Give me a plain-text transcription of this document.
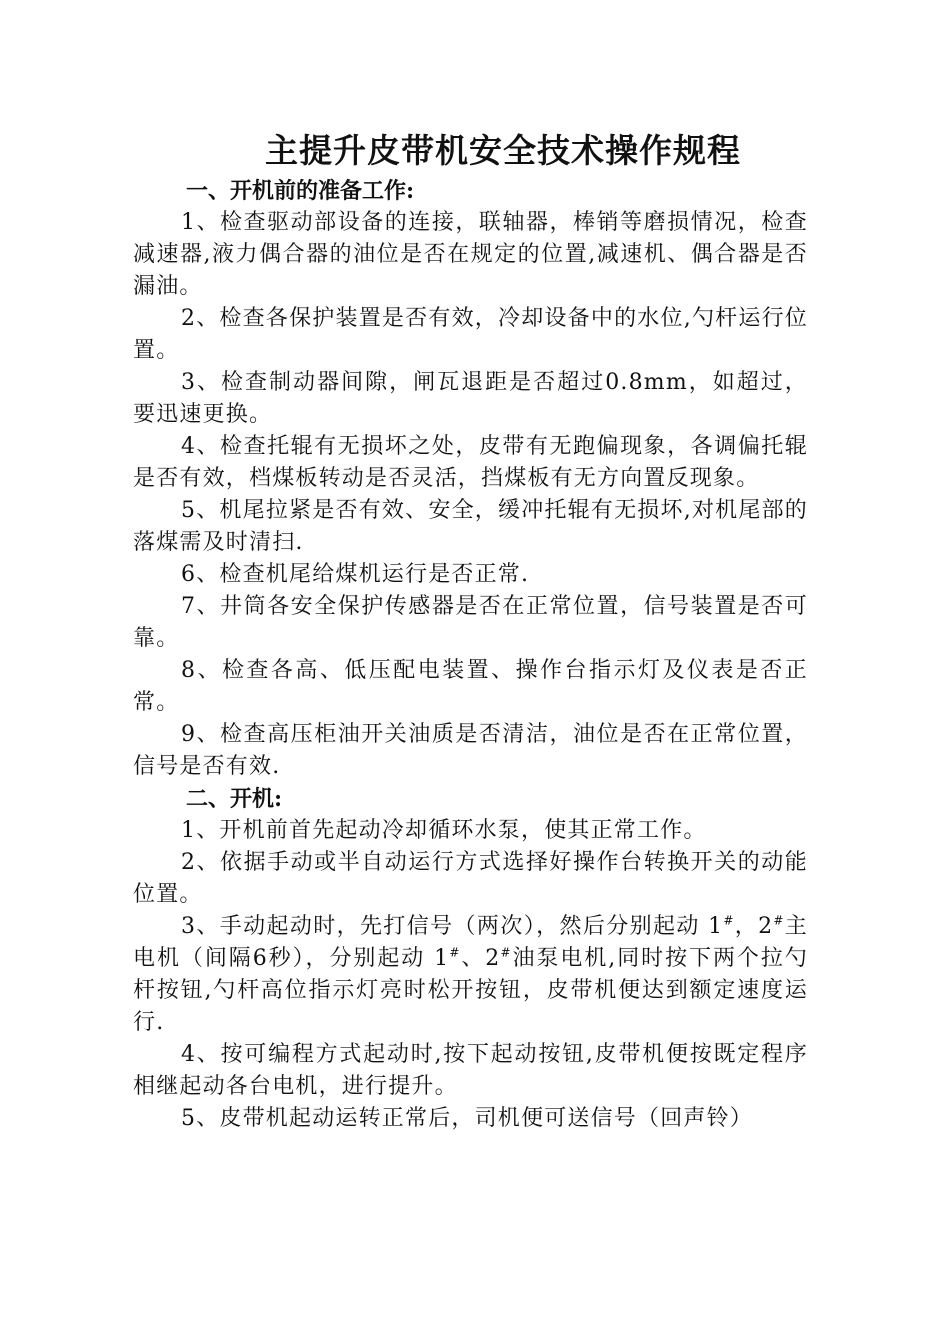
主提升皮带机安全技术操作规程

一、开机前的准备工作:

1、检查驱动部设备的连接，联轴器，棒销等磨损情况，检查减速器,液力偶合器的油位是否在规定的位置,减速机、偶合器是否漏油。

2、检查各保护装置是否有效，冷却设备中的水位,勺杆运行位置。

3、检查制动器间隙，闸瓦退距是否超过0.8mm，如超过，要迅速更换。

4、检查托辊有无损坏之处，皮带有无跑偏现象，各调偏托辊是否有效，档煤板转动是否灵活，挡煤板有无方向置反现象。

5、机尾拉紧是否有效、安全，缓冲托辊有无损坏,对机尾部的落煤需及时清扫.

6、检查机尾给煤机运行是否正常.

7、井筒各安全保护传感器是否在正常位置，信号装置是否可靠。

8、检查各高、低压配电装置、操作台指示灯及仪表是否正常。

9、检查高压柜油开关油质是否清洁，油位是否在正常位置，信号是否有效.

二、开机:

1、开机前首先起动冷却循环水泵，使其正常工作。

2、依据手动或半自动运行方式选择好操作台转换开关的动能位置。

3、手动起动时，先打信号（两次），然后分别起动 1#，2#主电机（间隔6秒），分别起动 1#、2#油泵电机,同时按下两个拉勺杆按钮,勺杆高位指示灯亮时松开按钮，皮带机便达到额定速度运行.

4、按可编程方式起动时,按下起动按钮,皮带机便按既定程序相继起动各台电机，进行提升。

5、皮带机起动运转正常后，司机便可送信号（回声铃）
